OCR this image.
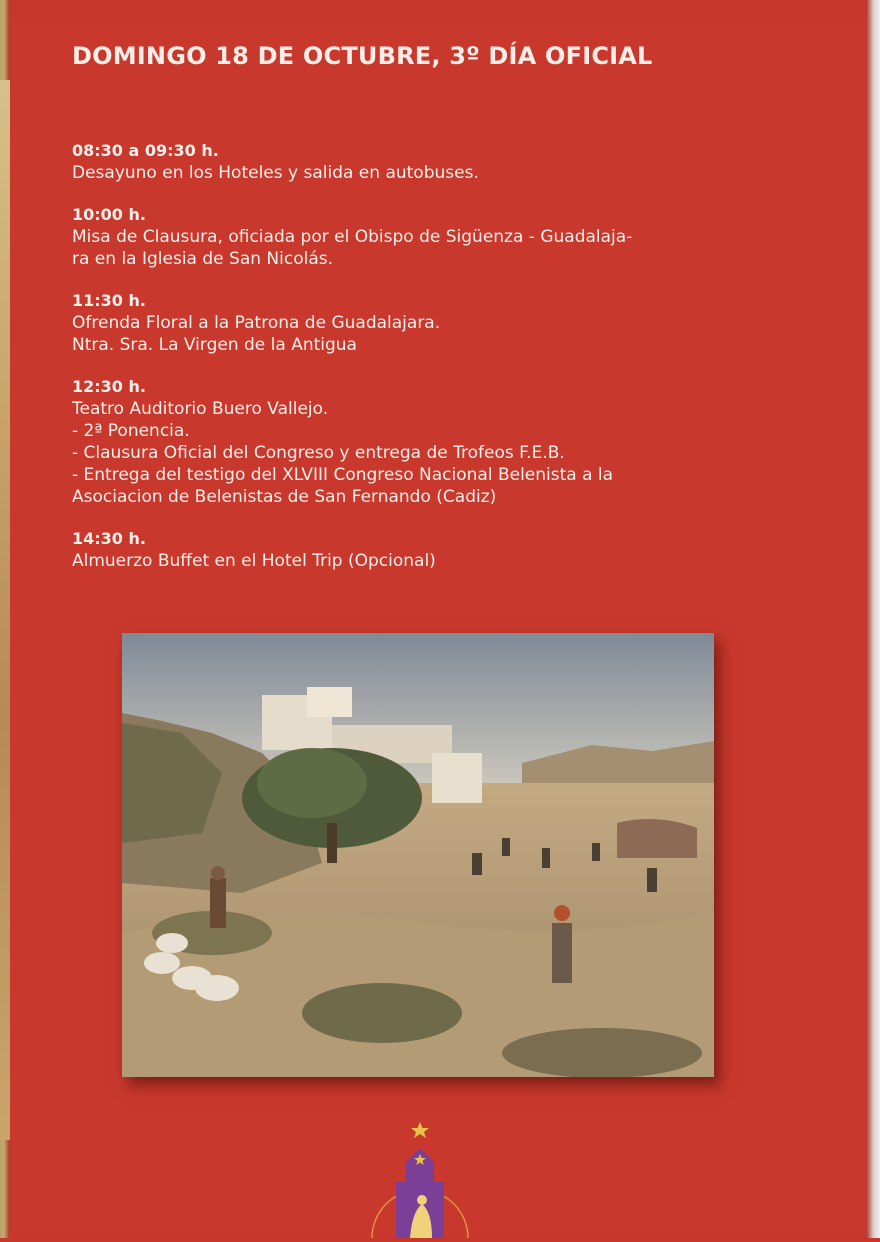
DOMINGO 18 DE OCTUBRE, 3º DÍA OFICIAL
08:30 a 09:30 h.
Desayuno en los Hoteles y salida en autobuses.
10:00 h.
Misa de Clausura, oficiada por el Obispo de Sigüenza - Guadalaja-
ra en la Iglesia de San Nicolás.
11:30 h.
Ofrenda Floral a la Patrona de Guadalajara.
Ntra. Sra. La Virgen de la Antigua
12:30 h.
Teatro Auditorio Buero Vallejo.
- 2ª Ponencia.
- Clausura Oficial del Congreso y entrega de Trofeos F.E.B.
- Entrega del testigo del XLVIII Congreso Nacional Belenista a la
Asociacion de Belenistas de San Fernando (Cadiz)
14:30 h.
Almuerzo Buffet en el Hotel Trip (Opcional)
